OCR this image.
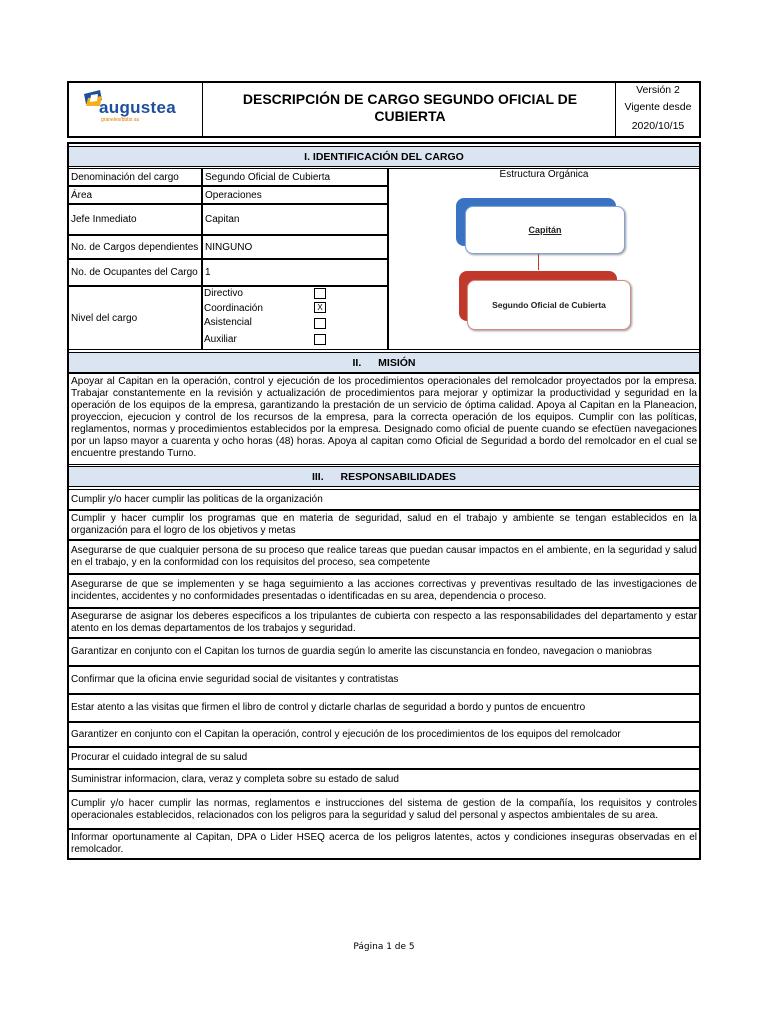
augustea
graneles/bbbs sa
DESCRIPCIÓN DE CARGO SEGUNDO OFICIAL DE CUBIERTA
Versión 2
Vigente desde
2020/10/15
I. IDENTIFICACIÓN DEL CARGO
Denominación del cargo	Segundo Oficial de Cubierta
Área	Operaciones
Jefe Inmediato	Capitan
No. de Cargos dependientes NINGUNO
No. de Ocupantes del Cargo 1
Nivel del cargo
Directivo
Coordinación	X
Asistencial
Auxiliar
Estructura Orgánica
Capitán
Segundo Oficial de Cubierta
II. MISIÓN
Apoyar al Capitan en la operación, control y ejecución de los procedimientos operacionales del remolcador proyectados por la empresa. Trabajar constantemente en la revisión y actualización de procedimientos para mejorar y optimizar la productividad y seguridad en la operación de los equipos de la empresa, garantizando la prestación de un servicio de óptima calidad. Apoya al Capitan en la Planeacion, proyeccion, ejecucion y control de los recursos de la empresa, para la correcta operación de los equipos. Cumplir con las políticas, reglamentos, normas y procedimientos establecidos por la empresa. Designado como oficial de puente cuando se efectüen navegaciones por un lapso mayor a cuarenta y ocho horas (48) horas. Apoya al capitan como Oficial de Seguridad a bordo del remolcador en el cual se encuentre prestando Turno.
III. RESPONSABILIDADES
Cumplir y/o hacer cumplir las politicas de la organización
Cumplir y hacer cumplir los programas que en materia de seguridad, salud en el trabajo y ambiente se tengan establecidos en la organización para el logro de los objetivos y metas
Asegurarse de que cualquier persona de su proceso que realice tareas que puedan causar impactos en el ambiente, en la seguridad y salud en el trabajo, y en la conformidad con los requisitos del proceso, sea competente
Asegurarse de que se implementen y se haga seguimiento a las acciones correctivas y preventivas resultado de las investigaciones de incidentes, accidentes y no conformidades presentadas o identificadas en su area, dependencia o proceso.
Asegurarse de asignar los deberes especificos a los tripulantes de cubierta con respecto a las responsabilidades del departamento y estar atento en los demas departamentos de los trabajos y seguridad.
Garantizar en conjunto con el Capitan los turnos de guardia según lo amerite las ciscunstancia en fondeo, navegacion o maniobras
Confirmar que la oficina envie seguridad social de visitantes y contratistas
Estar atento a las visitas que firmen el libro de control y dictarle charlas de seguridad a bordo y puntos de encuentro
Garantizer en conjunto con el Capitan la operación, control y ejecución de los procedimientos de los equipos del remolcador
Procurar el cuidado integral de su salud
Suministrar informacion, clara, veraz y completa sobre su estado de salud
Cumplir y/o hacer cumplir las normas, reglamentos e instrucciones del sistema de gestion de la compañía, los requisitos y controles operacionales establecidos, relacionados con los peligros para la seguridad y salud del personal y aspectos ambientales de su area.
Informar oportunamente al Capitan, DPA o Lider HSEQ acerca de los peligros latentes, actos y condiciones inseguras observadas en el remolcador.
Página 1 de 5
